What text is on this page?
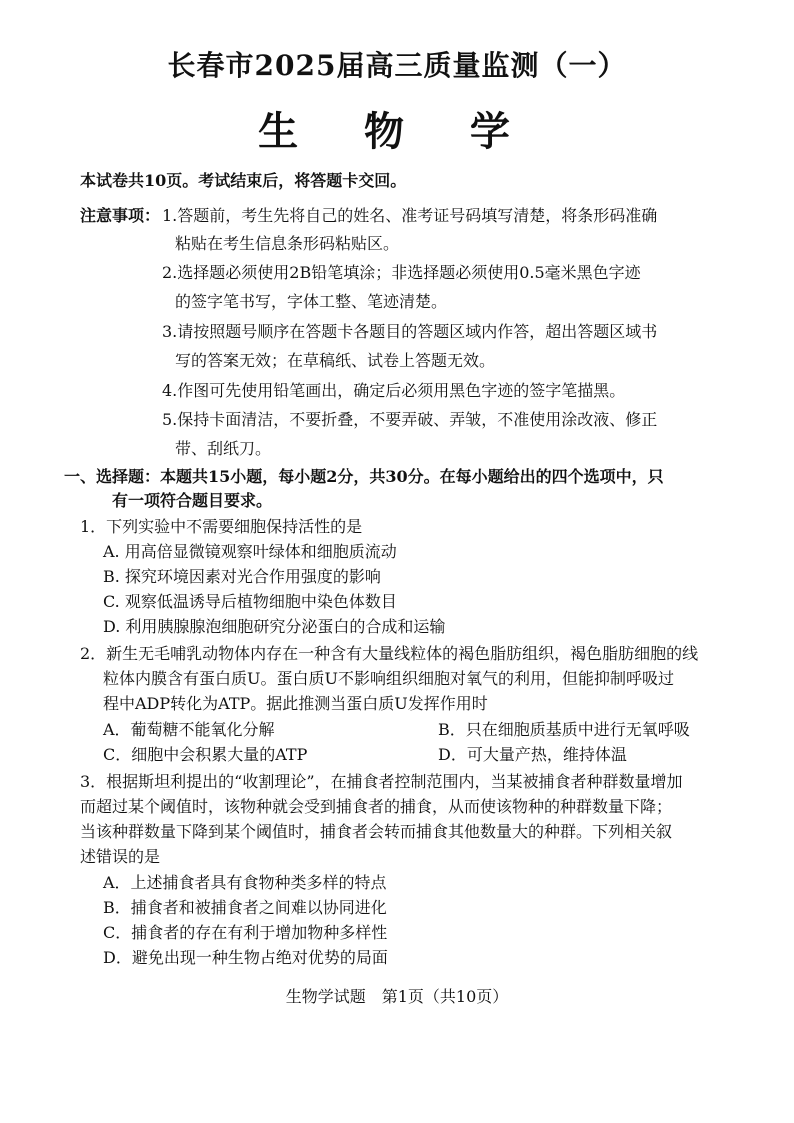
长春市2025届高三质量监测（一）
生 物 学
本试卷共10页。考试结束后，将答题卡交回。
注意事项： 1.答题前，考生先将自己的姓名、准考证号码填写清楚，将条形码准确
粘贴在考生信息条形码粘贴区。
2.选择题必须使用2B铅笔填涂；非选择题必须使用0.5毫米黑色字迹
的签字笔书写，字体工整、笔迹清楚。
3.请按照题号顺序在答题卡各题目的答题区域内作答，超出答题区域书
写的答案无效；在草稿纸、试卷上答题无效。
4.作图可先使用铅笔画出，确定后必须用黑色字迹的签字笔描黑。
5.保持卡面清洁，不要折叠，不要弄破、弄皱，不准使用涂改液、修正
带、刮纸刀。
一、选择题：本题共15小题，每小题2分，共30分。在每小题给出的四个选项中，只
有一项符合题目要求。
1．下列实验中不需要细胞保持活性的是
A. 用高倍显微镜观察叶绿体和细胞质流动
B. 探究环境因素对光合作用强度的影响
C. 观察低温诱导后植物细胞中染色体数目
D. 利用胰腺腺泡细胞研究分泌蛋白的合成和运输
2．新生无毛哺乳动物体内存在一种含有大量线粒体的褐色脂肪组织，褐色脂肪细胞的线
粒体内膜含有蛋白质U。蛋白质U不影响组织细胞对氧气的利用，但能抑制呼吸过
程中ADP转化为ATP。据此推测当蛋白质U发挥作用时
A．葡萄糖不能氧化分解	B．只在细胞质基质中进行无氧呼吸
C．细胞中会积累大量的ATP	D．可大量产热，维持体温
3．根据斯坦利提出的“收割理论”，在捕食者控制范围内，当某被捕食者种群数量增加
而超过某个阈值时，该物种就会受到捕食者的捕食，从而使该物种的种群数量下降；
当该种群数量下降到某个阈值时，捕食者会转而捕食其他数量大的种群。下列相关叙
述错误的是
A．上述捕食者具有食物种类多样的特点
B．捕食者和被捕食者之间难以协同进化
C．捕食者的存在有利于增加物种多样性
D．避免出现一种生物占绝对优势的局面
生物学试题　第1页（共10页）
